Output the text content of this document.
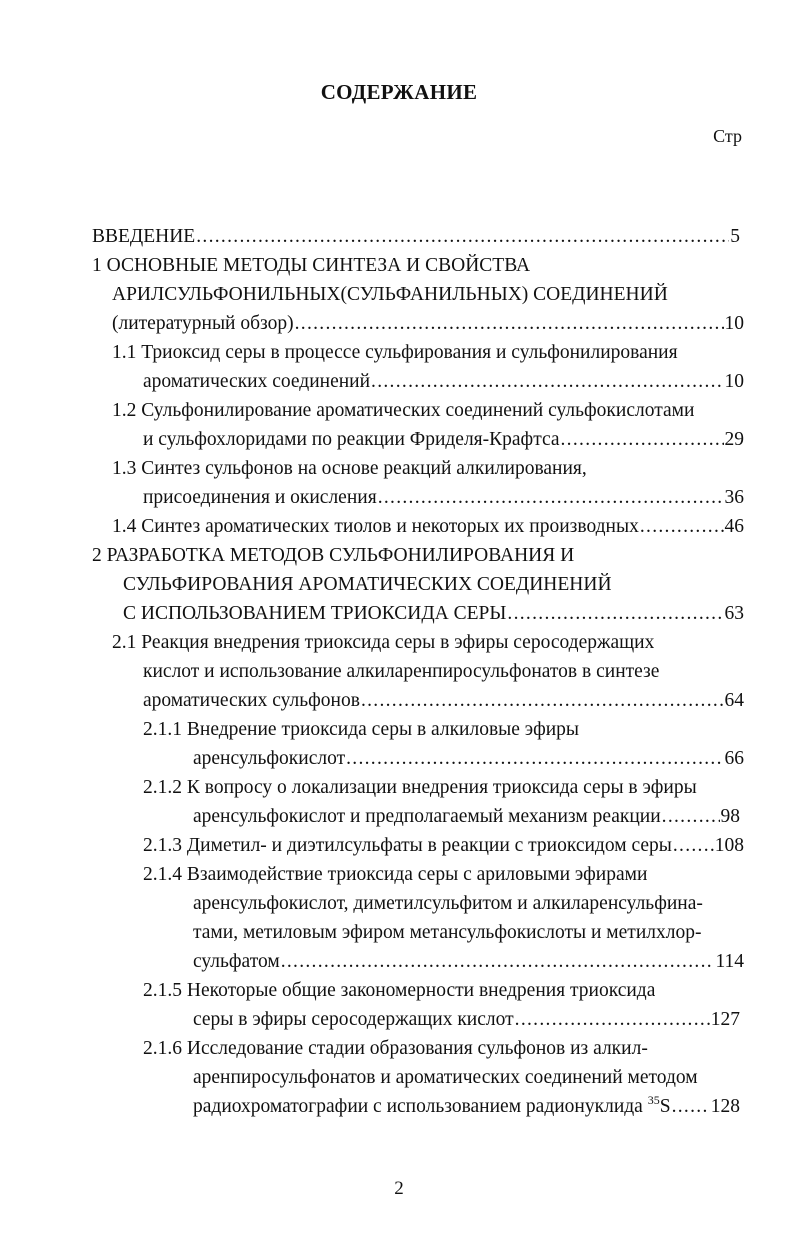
СОДЕРЖАНИЕ
Стр
ВВЕДЕНИЕ .....	5
1 ОСНОВНЫЕ МЕТОДЫ СИНТЕЗА И СВОЙСТВА
АРИЛСУЛЬФОНИЛЬНЫХ(СУЛЬФАНИЛЬНЫХ) СОЕДИНЕНИЙ
(литературный обзор) .....	10
1.1 Триоксид серы в процессе сульфирования и сульфонилирования
ароматических соединений .....	10
1.2 Сульфонилирование ароматических соединений сульфокислотами
и сульфохлоридами по реакции Фриделя-Крафтса .....	29
1.3 Синтез сульфонов на основе реакций алкилирования,
присоединения и окисления .....	36
1.4 Синтез ароматических тиолов и некоторых их производных .....	46
2 РАЗРАБОТКА МЕТОДОВ СУЛЬФОНИЛИРОВАНИЯ И
СУЛЬФИРОВАНИЯ АРОМАТИЧЕСКИХ СОЕДИНЕНИЙ
С ИСПОЛЬЗОВАНИЕМ ТРИОКСИДА СЕРЫ .....	63
2.1 Реакция внедрения триоксида серы в эфиры серосодержащих
кислот и использование алкиларенпиросульфонатов в синтезе
ароматических сульфонов .....	64
2.1.1 Внедрение триоксида серы в алкиловые эфиры
аренсульфокислот .....	66
2.1.2 К вопросу о локализации внедрения триоксида серы в эфиры
аренсульфокислот и предполагаемый механизм реакции .....	98
2.1.3 Диметил- и диэтилсульфаты в реакции с триоксидом серы ..... 108
2.1.4 Взаимодействие триоксида серы с ариловыми эфирами
аренсульфокислот, диметилсульфитом и алкиларенсульфина-
тами, метиловым эфиром метансульфокислоты и метилхлор-
сульфатом .....	114
2.1.5 Некоторые общие закономерности внедрения триоксида
серы в эфиры серосодержащих кислот .....	127
2.1.6 Исследование стадии образования сульфонов из алкил-
аренпиросульфонатов и ароматических соединений методом
радиохроматографии с использованием радионуклида $^{35}$S ..... 128
2
